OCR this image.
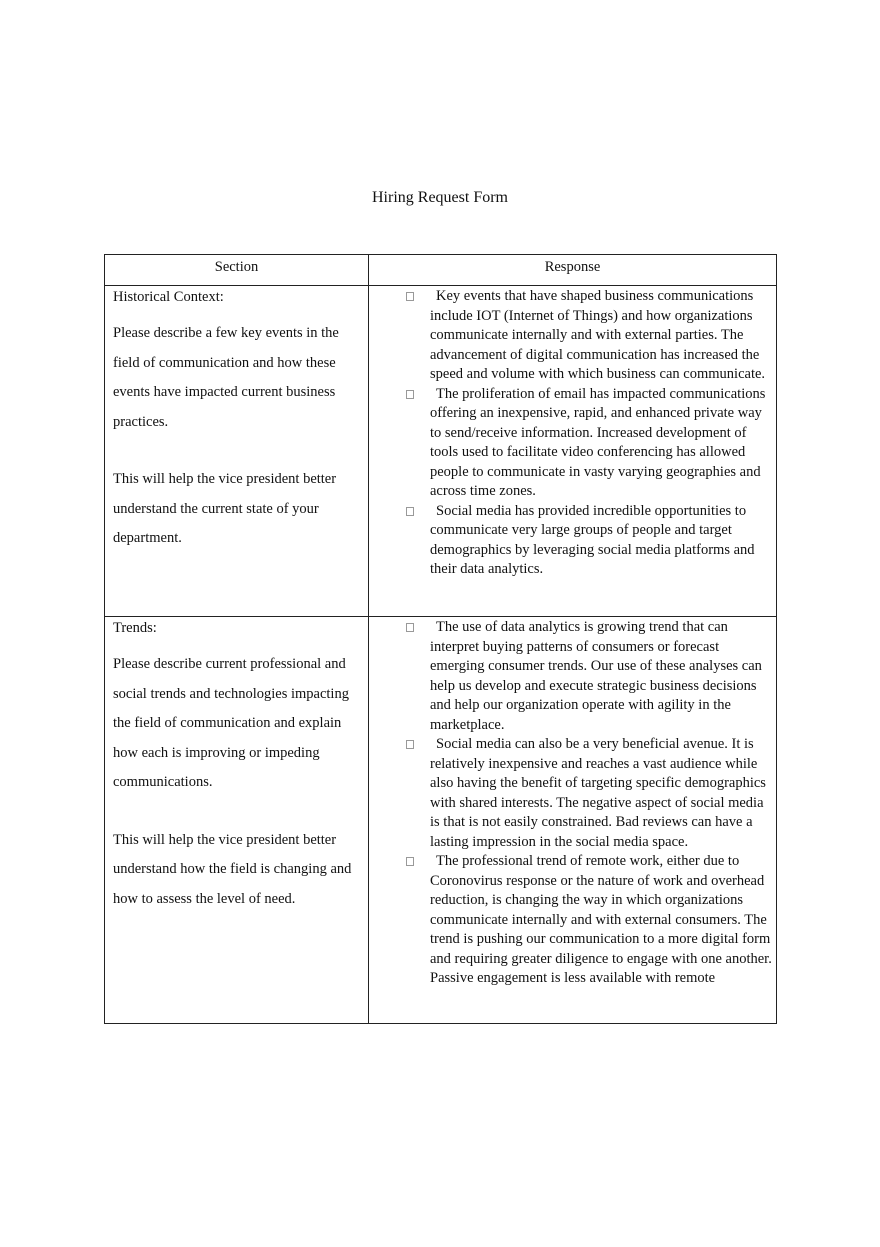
Hiring Request Form
Section	Response
Historical Context:
Please describe a few key events in the field of communication and how these events have impacted current business practices.
This will help the vice president better understand the current state of your department.
Key events that have shaped business communications include IOT (Internet of Things) and how organizations communicate internally and with external parties. The advancement of digital communication has increased the speed and volume with which business can communicate.
The proliferation of email has impacted communications offering an inexpensive, rapid, and enhanced private way to send/receive information. Increased development of tools used to facilitate video conferencing has allowed people to communicate in vasty varying geographies and across time zones.
Social media has provided incredible opportunities to communicate very large groups of people and target demographics by leveraging social media platforms and their data analytics.
Trends:
Please describe current professional and social trends and technologies impacting the field of communication and explain how each is improving or impeding communications.
This will help the vice president better understand how the field is changing and how to assess the level of need.
The use of data analytics is growing trend that can interpret buying patterns of consumers or forecast emerging consumer trends. Our use of these analyses can help us develop and execute strategic business decisions and help our organization operate with agility in the marketplace.
Social media can also be a very beneficial avenue. It is relatively inexpensive and reaches a vast audience while also having the benefit of targeting specific demographics with shared interests. The negative aspect of social media is that is not easily constrained. Bad reviews can have a lasting impression in the social media space.
The professional trend of remote work, either due to Coronovirus response or the nature of work and overhead reduction, is changing the way in which organizations communicate internally and with external consumers. The trend is pushing our communication to a more digital form and requiring greater diligence to engage with one another. Passive engagement is less available with remote
